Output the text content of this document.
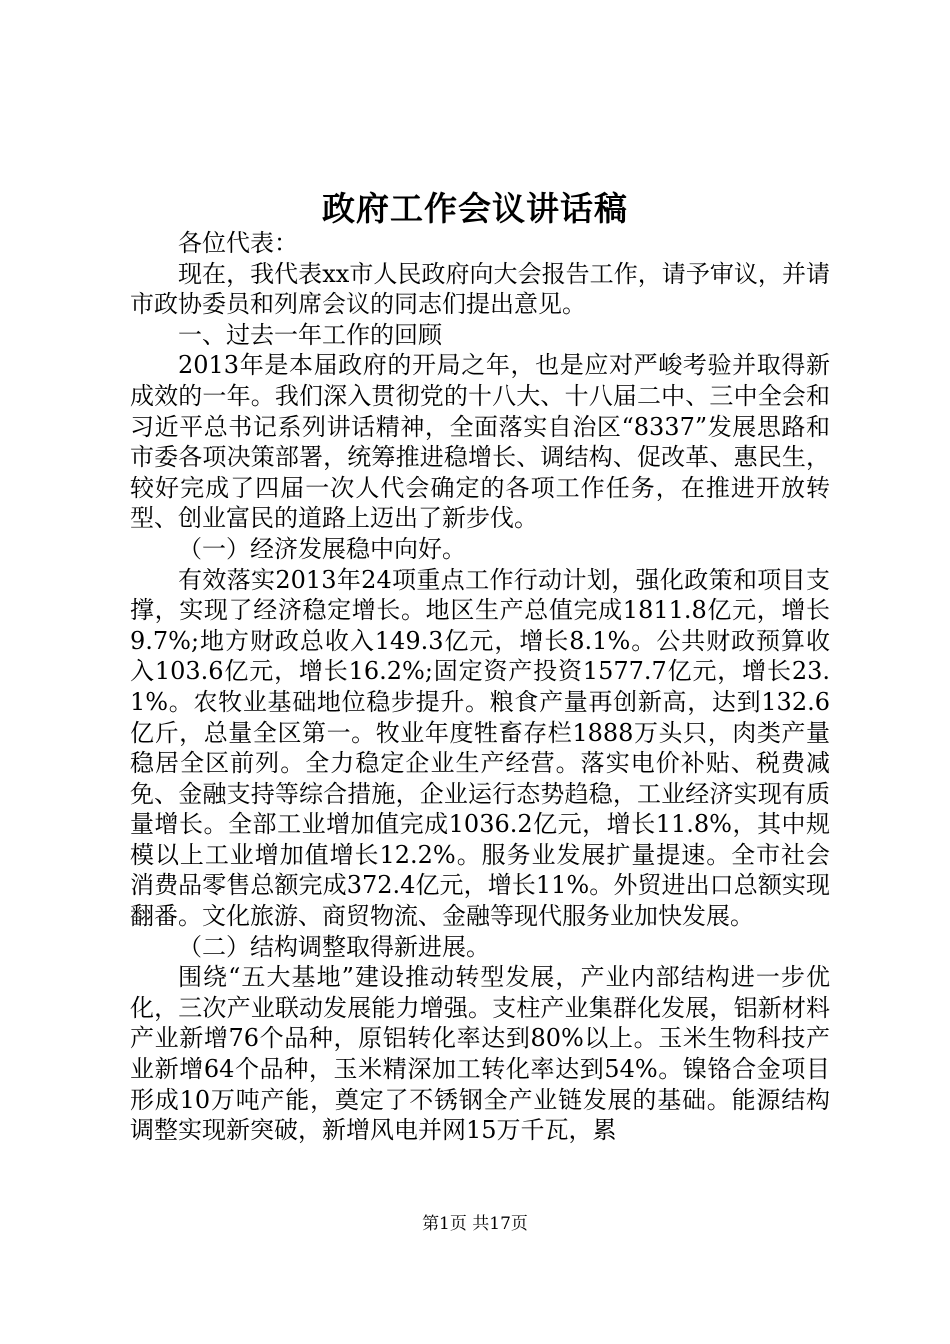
政府工作会议讲话稿

各位代表：

现在，我代表xx市人民政府向大会报告工作，请予审议，并请市政协委员和列席会议的同志们提出意见。

一、过去一年工作的回顾

2013年是本届政府的开局之年，也是应对严峻考验并取得新成效的一年。我们深入贯彻党的十八大、十八届二中、三中全会和习近平总书记系列讲话精神，全面落实自治区“8337”发展思路和市委各项决策部署，统筹推进稳增长、调结构、促改革、惠民生，较好完成了四届一次人代会确定的各项工作任务，在推进开放转型、创业富民的道路上迈出了新步伐。

（一）经济发展稳中向好。

有效落实2013年24项重点工作行动计划，强化政策和项目支撑，实现了经济稳定增长。地区生产总值完成1811.8亿元，增长9.7%;地方财政总收入149.3亿元，增长8.1%。公共财政预算收入103.6亿元，增长16.2%;固定资产投资1577.7亿元，增长23.1%。农牧业基础地位稳步提升。粮食产量再创新高，达到132.6亿斤，总量全区第一。牧业年度牲畜存栏1888万头只，肉类产量稳居全区前列。全力稳定企业生产经营。落实电价补贴、税费减免、金融支持等综合措施，企业运行态势趋稳，工业经济实现有质量增长。全部工业增加值完成1036.2亿元，增长11.8%，其中规模以上工业增加值增长12.2%。服务业发展扩量提速。全市社会消费品零售总额完成372.4亿元，增长11%。外贸进出口总额实现翻番。文化旅游、商贸物流、金融等现代服务业加快发展。

（二）结构调整取得新进展。

围绕“五大基地”建设推动转型发展，产业内部结构进一步优化，三次产业联动发展能力增强。支柱产业集群化发展，铝新材料产业新增76个品种，原铝转化率达到80%以上。玉米生物科技产业新增64个品种，玉米精深加工转化率达到54%。镍铬合金项目形成10万吨产能，奠定了不锈钢全产业链发展的基础。能源结构调整实现新突破，新增风电并网15万千瓦，累

第1页 共17页
